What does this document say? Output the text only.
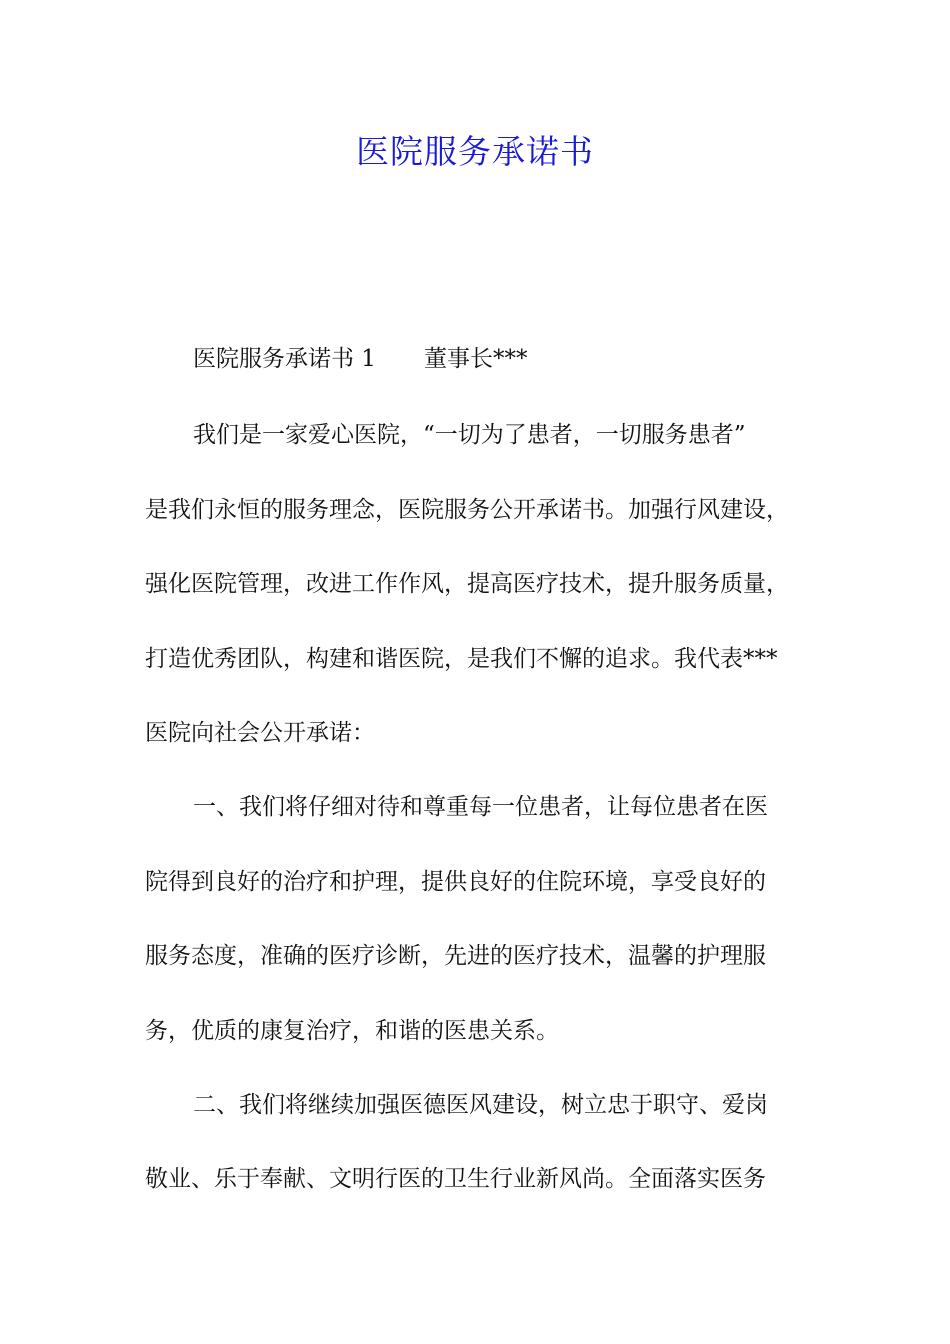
医院服务承诺书
医院服务承诺书 1 董事长***
我们是一家爱心医院，“一切为了患者，一切服务患者”
是我们永恒的服务理念，医院服务公开承诺书。加强行风建设，
强化医院管理，改进工作作风，提高医疗技术，提升服务质量，
打造优秀团队，构建和谐医院，是我们不懈的追求。我代表***
医院向社会公开承诺：
一、我们将仔细对待和尊重每一位患者，让每位患者在医
院得到良好的治疗和护理，提供良好的住院环境，享受良好的
服务态度，准确的医疗诊断，先进的医疗技术，温馨的护理服
务，优质的康复治疗，和谐的医患关系。
二、我们将继续加强医德医风建设，树立忠于职守、爱岗
敬业、乐于奉献、文明行医的卫生行业新风尚。全面落实医务
